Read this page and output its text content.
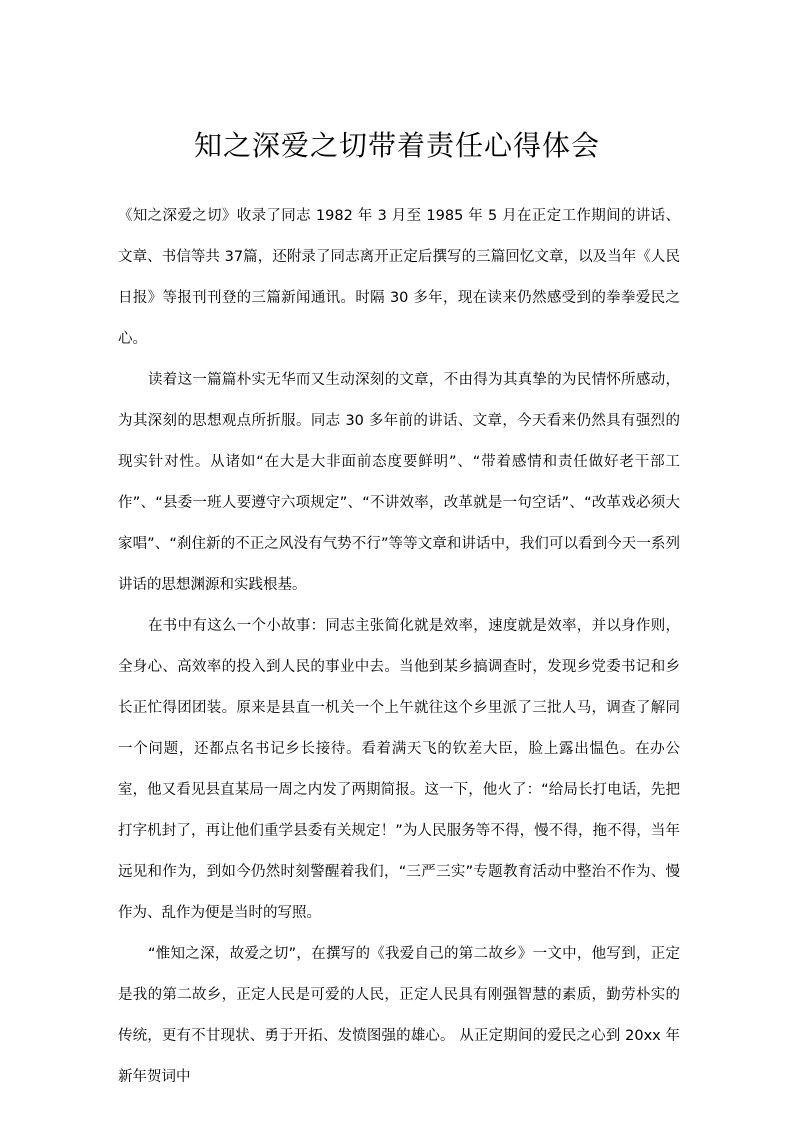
知之深爱之切带着责任心得体会

《知之深爱之切》收录了同志 1982 年 3 月至 1985 年 5 月在正定工作期间的讲话、文章、书信等共 37篇，还附录了同志离开正定后撰写的三篇回忆文章，以及当年《人民日报》等报刊刊登的三篇新闻通讯。时隔 30 多年，现在读来仍然感受到的拳拳爱民之心。

读着这一篇篇朴实无华而又生动深刻的文章，不由得为其真挚的为民情怀所感动，为其深刻的思想观点所折服。同志 30 多年前的讲话、文章，今天看来仍然具有强烈的现实针对性。从诸如“在大是大非面前态度要鲜明”、“带着感情和责任做好老干部工作”、“县委一班人要遵守六项规定”、“不讲效率，改革就是一句空话”、“改革戏必须大家唱”、“刹住新的不正之风没有气势不行”等等文章和讲话中，我们可以看到今天一系列讲话的思想渊源和实践根基。

在书中有这么一个小故事：同志主张简化就是效率，速度就是效率，并以身作则，全身心、高效率的投入到人民的事业中去。当他到某乡搞调查时，发现乡党委书记和乡长正忙得团团装。原来是县直一机关一个上午就往这个乡里派了三批人马，调查了解同一个问题，还都点名书记乡长接待。看着满天飞的钦差大臣，脸上露出愠色。在办公室，他又看见县直某局一周之内发了两期简报。这一下，他火了：“给局长打电话，先把打字机封了，再让他们重学县委有关规定！”为人民服务等不得，慢不得，拖不得，当年远见和作为，到如今仍然时刻警醒着我们，“三严三实”专题教育活动中整治不作为、慢作为、乱作为便是当时的写照。

“惟知之深，故爱之切”，在撰写的《我爱自己的第二故乡》一文中，他写到，正定是我的第二故乡，正定人民是可爱的人民，正定人民具有刚强智慧的素质，勤劳朴实的传统，更有不甘现状、勇于开拓、发愤图强的雄心。 从正定期间的爱民之心到 20xx 年新年贺词中
